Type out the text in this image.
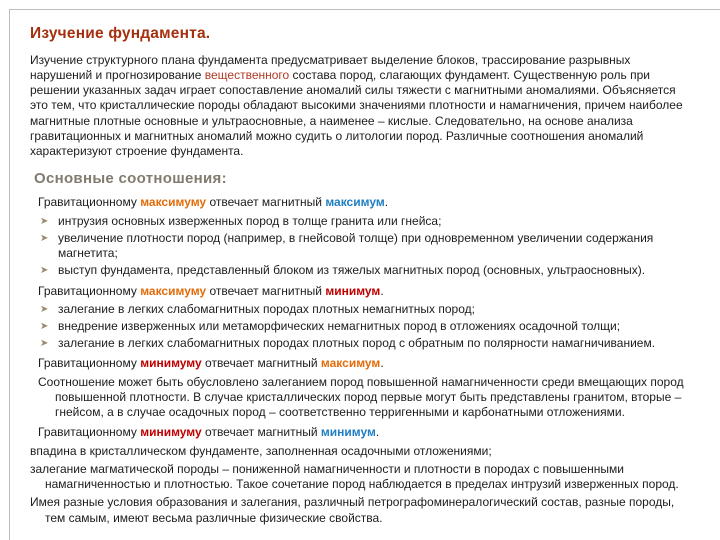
Изучение фундамента.

Изучение структурного плана фундамента предусматривает выделение блоков, трассирование разрывных нарушений и прогнозирование вещественного состава пород, слагающих фундамент. Существенную роль при решении указанных задач играет сопоставление аномалий силы тяжести с магнитными аномалиями. Объясняется это тем, что кристаллические породы обладают высокими значениями плотности и намагничения, причем наиболее магнитные плотные основные и ультраосновные, а наименее – кислые. Следовательно, на основе анализа гравитационных и магнитных аномалий можно судить о литологии пород. Различные соотношения аномалий характеризуют строение фундамента.

Основные соотношения:

Гравитационному максимуму отвечает магнитный максимум.

➤ интрузия основных изверженных пород в толще гранита или гнейса;
➤ увеличение плотности пород (например, в гнейсовой толще) при одновременном увеличении содержания магнетита;
➤ выступ фундамента, представленный блоком из тяжелых магнитных пород (основных, ультраосновных).

Гравитационному максимуму отвечает магнитный минимум.

➤ залегание в легких слабомагнитных породах плотных немагнитных пород;
➤ внедрение изверженных или метаморфических немагнитных пород в отложениях осадочной толщи;
➤ залегание в легких слабомагнитных породах плотных пород с обратным по полярности намагничиванием.

Гравитационному минимуму отвечает магнитный максимум.

Соотношение может быть обусловлено залеганием пород повышенной намагниченности среди вмещающих пород повышенной плотности. В случае кристаллических пород первые могут быть представлены гранитом, вторые – гнейсом, а в случае осадочных пород – соответственно терригенными и карбонатными отложениями.

Гравитационному минимуму отвечает магнитный минимум.

впадина в кристаллическом фундаменте, заполненная осадочными отложениями;

залегание магматической породы – пониженной намагниченности и плотности в породах с повышенными намагниченностью и плотностью. Такое сочетание пород наблюдается в пределах интрузий изверженных пород.

Имея разные условия образования и залегания, различный петрографоминералогический состав, разные породы, тем самым, имеют весьма различные физические свойства.
